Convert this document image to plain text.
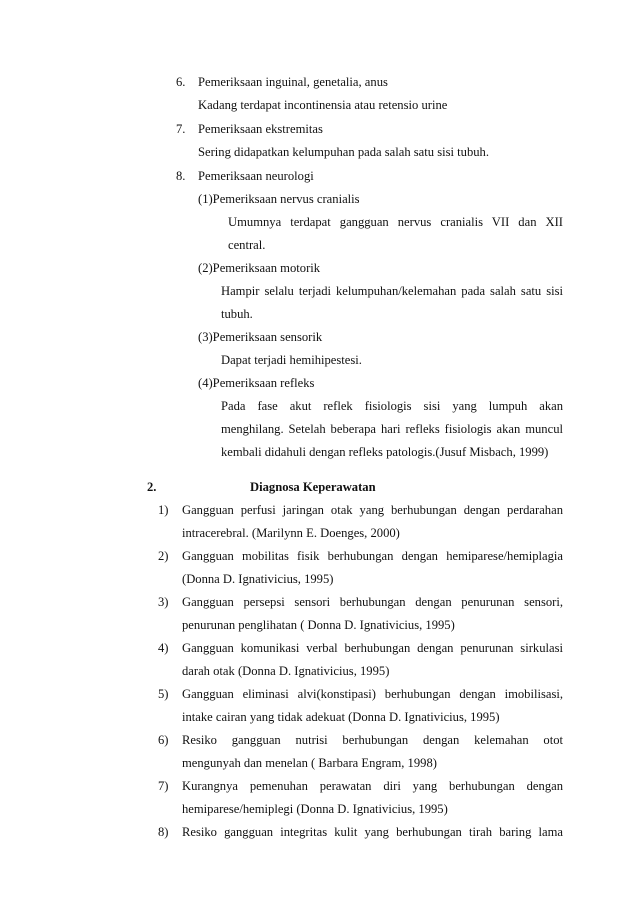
6. Pemeriksaan inguinal, genetalia, anus
Kadang terdapat incontinensia atau retensio urine
7. Pemeriksaan ekstremitas
Sering didapatkan kelumpuhan pada salah satu sisi tubuh.
8. Pemeriksaan neurologi
(1)Pemeriksaan nervus cranialis
Umumnya terdapat gangguan nervus cranialis VII dan XII
central.
(2)Pemeriksaan motorik
Hampir selalu terjadi kelumpuhan/kelemahan pada salah satu sisi
tubuh.
(3)Pemeriksaan sensorik
Dapat terjadi hemihipestesi.
(4)Pemeriksaan refleks
Pada fase akut reflek fisiologis sisi yang lumpuh akan
menghilang. Setelah beberapa hari refleks fisiologis akan muncul
kembali didahuli dengan refleks patologis.(Jusuf Misbach, 1999)
2.	Diagnosa Keperawatan
1) Gangguan perfusi jaringan otak yang berhubungan dengan perdarahan
intracerebral. (Marilynn E. Doenges, 2000)
2) Gangguan mobilitas fisik berhubungan dengan hemiparese/hemiplagia
(Donna D. Ignativicius, 1995)
3) Gangguan persepsi sensori berhubungan dengan penurunan sensori,
penurunan penglihatan ( Donna D. Ignativicius, 1995)
4) Gangguan komunikasi verbal berhubungan dengan penurunan sirkulasi
darah otak (Donna D. Ignativicius, 1995)
5) Gangguan eliminasi alvi(konstipasi) berhubungan dengan imobilisasi,
intake cairan yang tidak adekuat (Donna D. Ignativicius, 1995)
6) Resiko gangguan nutrisi berhubungan dengan kelemahan otot
mengunyah dan menelan ( Barbara Engram, 1998)
7) Kurangnya pemenuhan perawatan diri yang berhubungan dengan
hemiparese/hemiplegi (Donna D. Ignativicius, 1995)
8) Resiko gangguan integritas kulit yang berhubungan tirah baring lama
